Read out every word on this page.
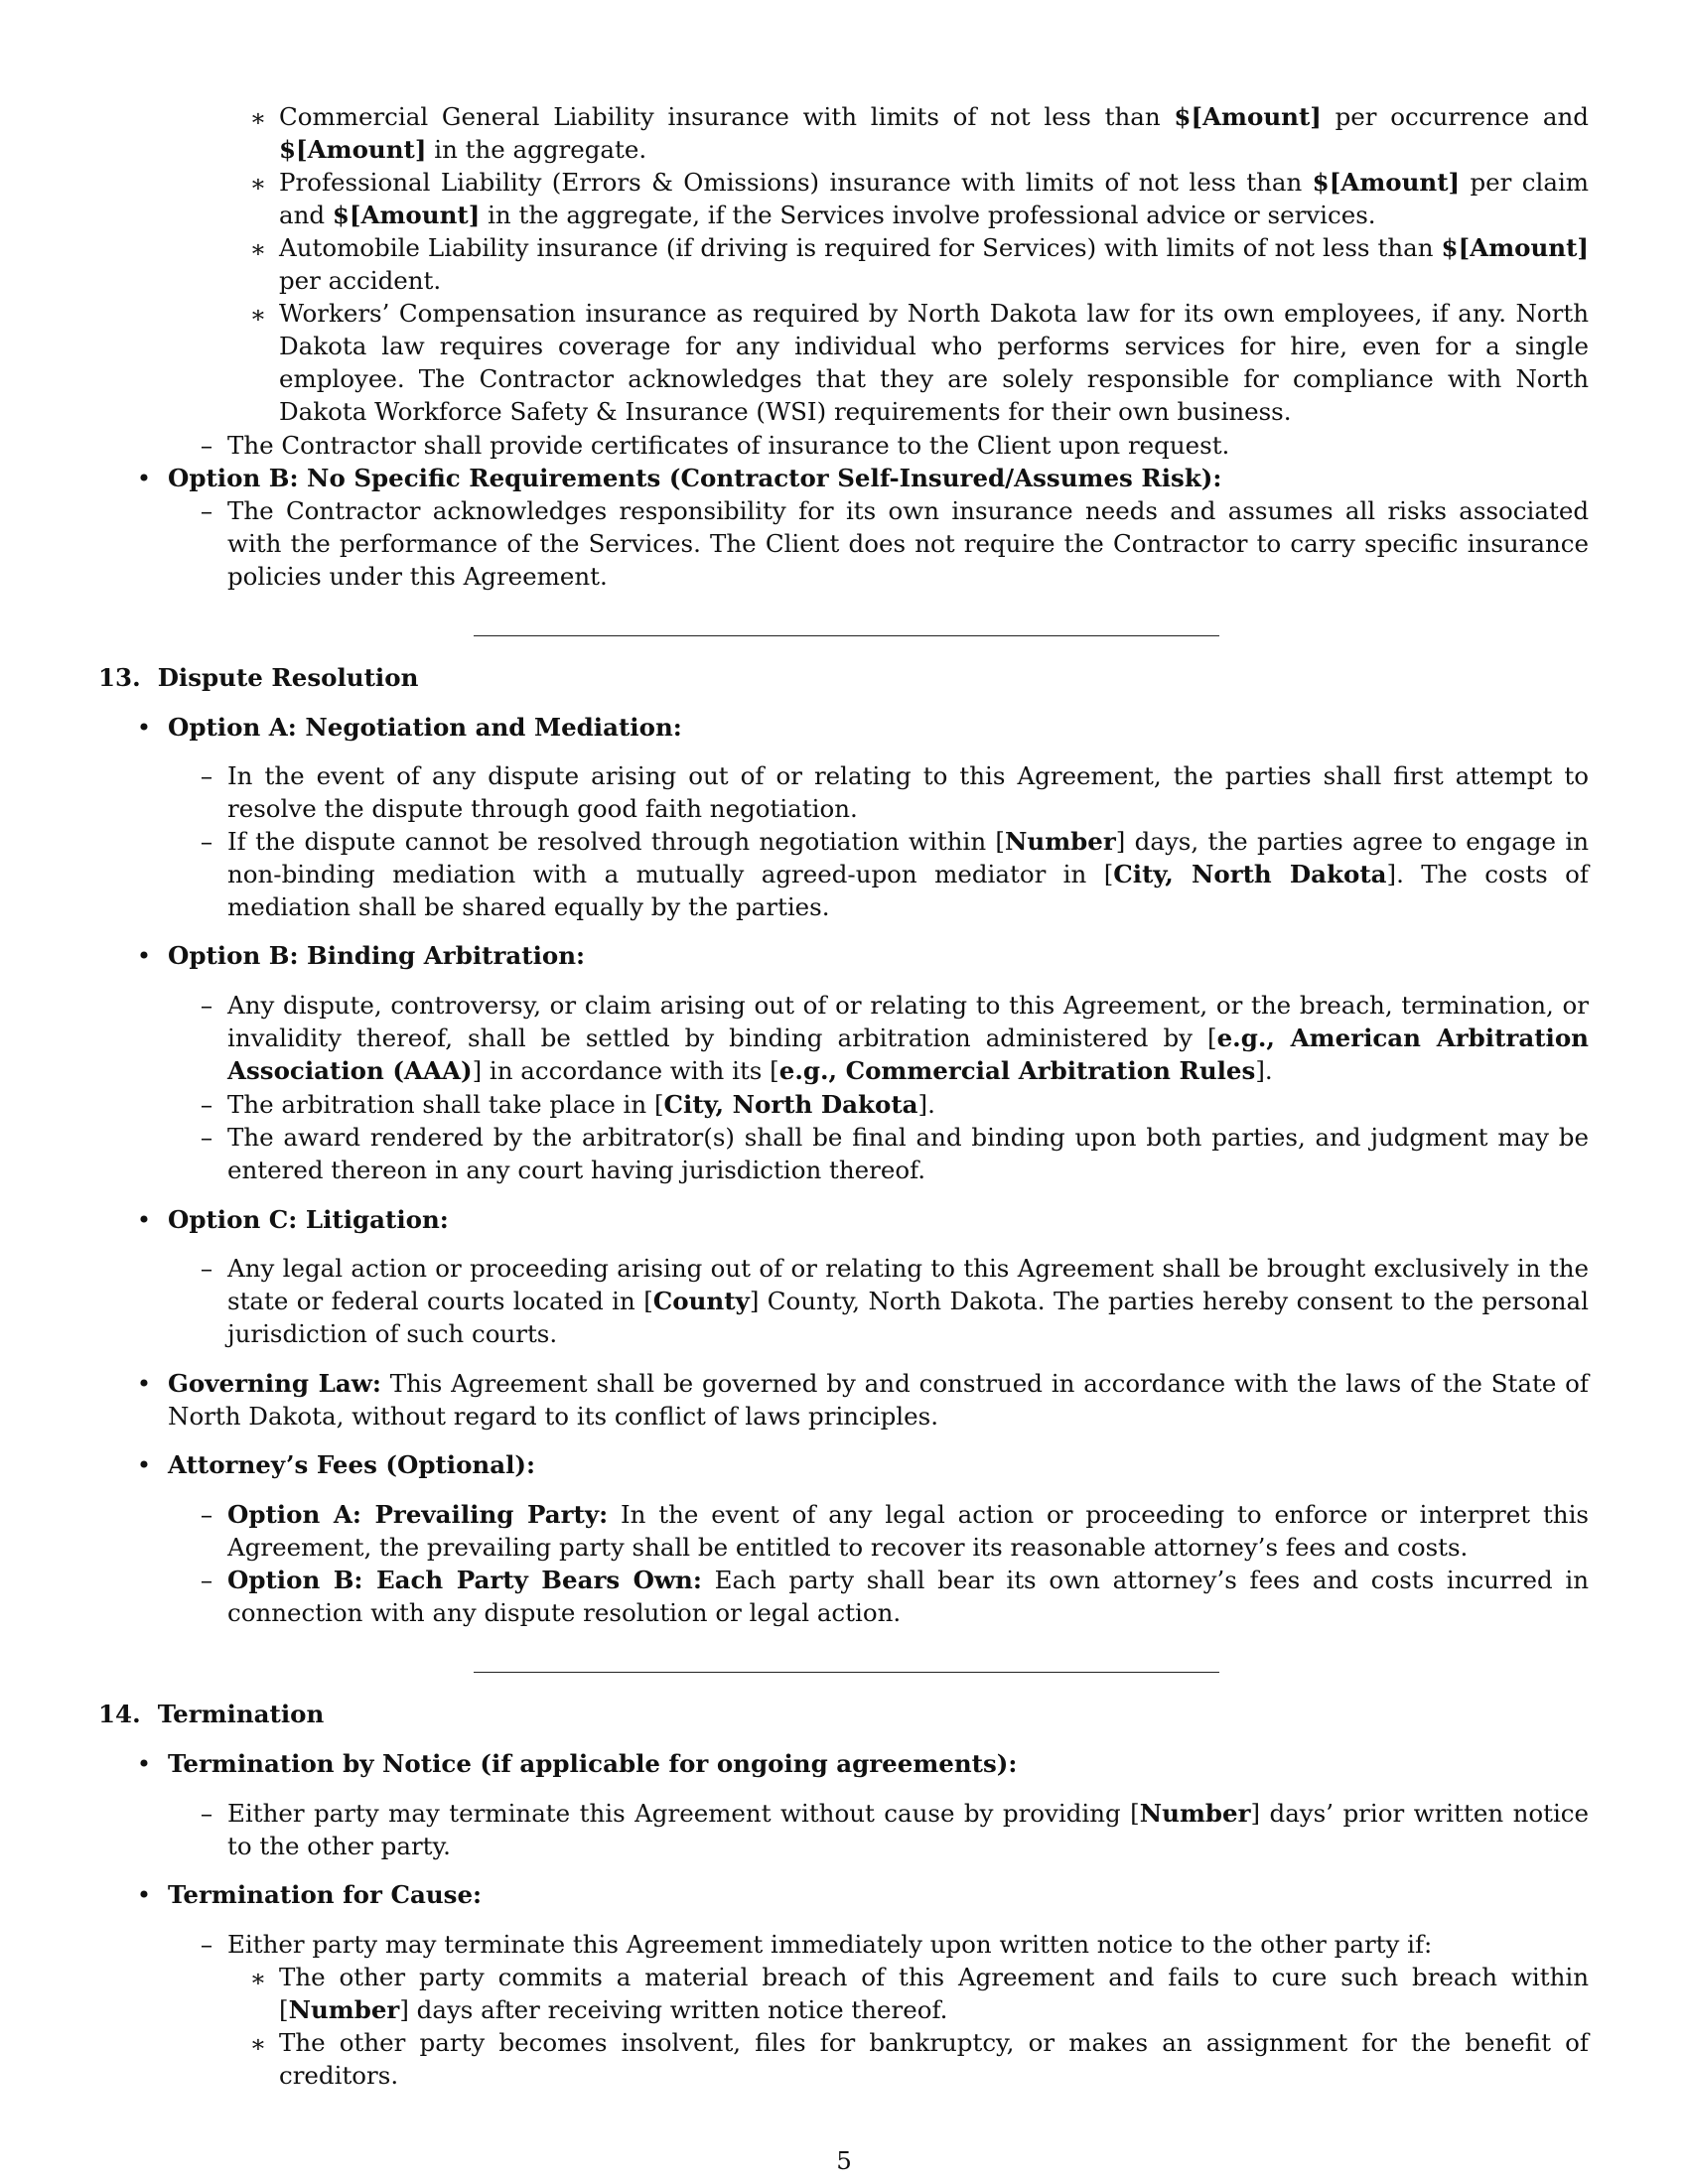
∗ Commercial General Liability insurance with limits of not less than $[Amount] per occurrence and $[Amount] in the aggregate.
∗ Professional Liability (Errors & Omissions) insurance with limits of not less than $[Amount] per claim and $[Amount] in the aggregate, if the Services involve professional advice or services.
∗ Automobile Liability insurance (if driving is required for Services) with limits of not less than $[Amount] per accident.
∗ Workers’ Compensation insurance as required by North Dakota law for its own employees, if any. North Dakota law requires coverage for any individual who performs services for hire, even for a single employee. The Contractor acknowledges that they are solely responsible for compliance with North Dakota Workforce Safety & Insurance (WSI) requirements for their own business.
– The Contractor shall provide certificates of insurance to the Client upon request.
• Option B: No Specific Requirements (Contractor Self-Insured/Assumes Risk):
– The Contractor acknowledges responsibility for its own insurance needs and assumes all risks associated with the performance of the Services. The Client does not require the Contractor to carry specific insurance policies under this Agreement.
13. Dispute Resolution
• Option A: Negotiation and Mediation:
– In the event of any dispute arising out of or relating to this Agreement, the parties shall first attempt to resolve the dispute through good faith negotiation.
– If the dispute cannot be resolved through negotiation within [Number] days, the parties agree to engage in non-binding mediation with a mutually agreed-upon mediator in [City, North Dakota]. The costs of mediation shall be shared equally by the parties.
• Option B: Binding Arbitration:
– Any dispute, controversy, or claim arising out of or relating to this Agreement, or the breach, termination, or invalidity thereof, shall be settled by binding arbitration administered by [e.g., American Arbitration Association (AAA)] in accordance with its [e.g., Commercial Arbitration Rules].
– The arbitration shall take place in [City, North Dakota].
– The award rendered by the arbitrator(s) shall be final and binding upon both parties, and judgment may be entered thereon in any court having jurisdiction thereof.
• Option C: Litigation:
– Any legal action or proceeding arising out of or relating to this Agreement shall be brought exclusively in the state or federal courts located in [County] County, North Dakota. The parties hereby consent to the personal jurisdiction of such courts.
• Governing Law: This Agreement shall be governed by and construed in accordance with the laws of the State of North Dakota, without regard to its conflict of laws principles.
• Attorney’s Fees (Optional):
– Option A: Prevailing Party: In the event of any legal action or proceeding to enforce or interpret this Agreement, the prevailing party shall be entitled to recover its reasonable attorney’s fees and costs.
– Option B: Each Party Bears Own: Each party shall bear its own attorney’s fees and costs incurred in connection with any dispute resolution or legal action.
14. Termination
• Termination by Notice (if applicable for ongoing agreements):
– Either party may terminate this Agreement without cause by providing [Number] days’ prior written notice to the other party.
• Termination for Cause:
– Either party may terminate this Agreement immediately upon written notice to the other party if:
∗ The other party commits a material breach of this Agreement and fails to cure such breach within [Number] days after receiving written notice thereof.
∗ The other party becomes insolvent, files for bankruptcy, or makes an assignment for the benefit of creditors.
5
